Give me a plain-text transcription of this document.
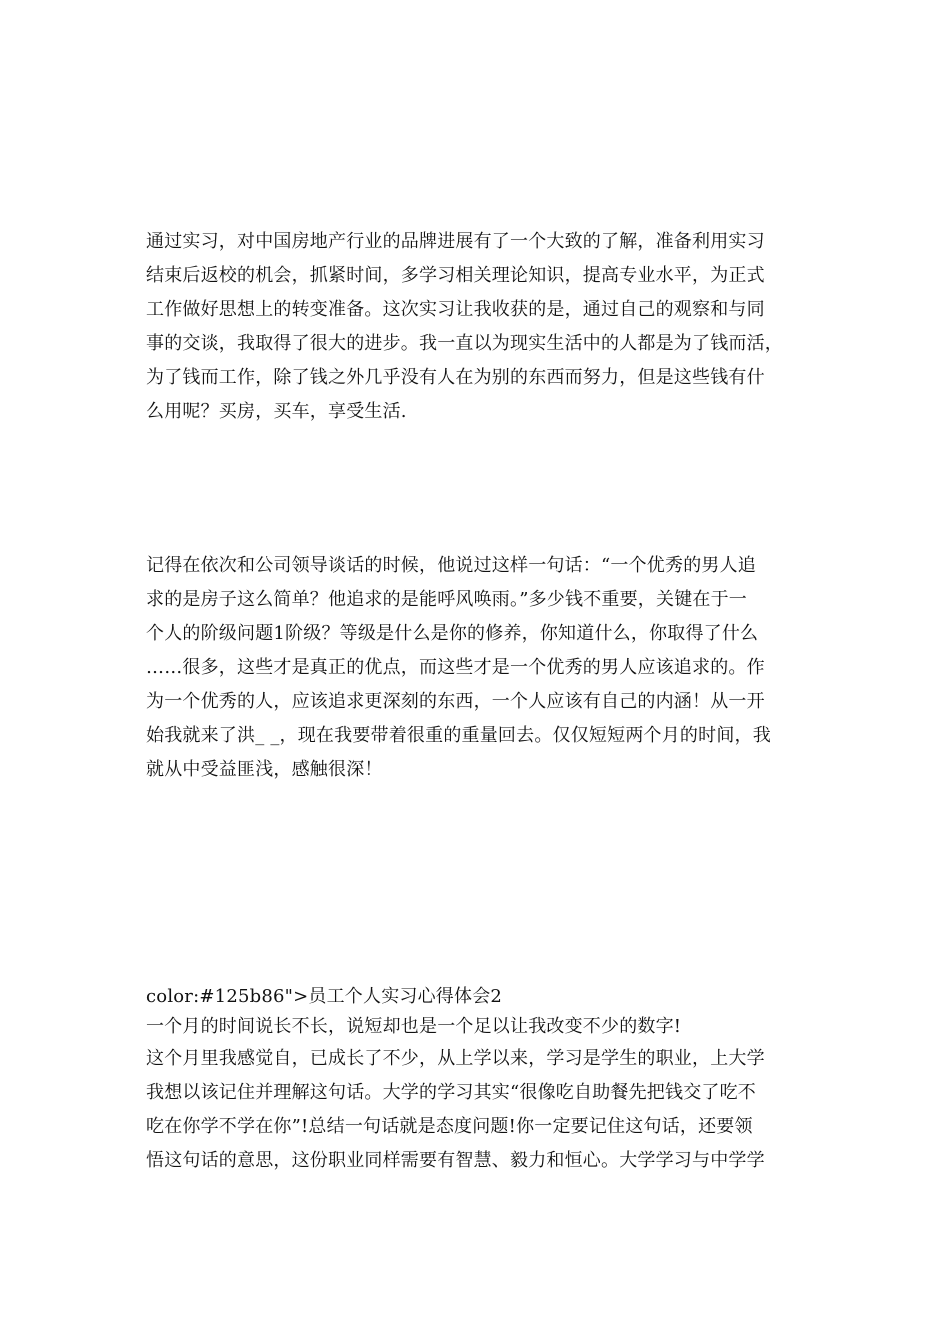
通过实习，对中国房地产行业的品牌进展有了一个大致的了解，准备利用实习
结束后返校的机会，抓紧时间，多学习相关理论知识，提高专业水平，为正式
工作做好思想上的转变准备。这次实习让我收获的是，通过自己的观察和与同
事的交谈，我取得了很大的进步。我一直以为现实生活中的人都是为了钱而活，
为了钱而工作，除了钱之外几乎没有人在为别的东西而努力，但是这些钱有什
么用呢？买房，买车，享受生活.
记得在依次和公司领导谈话的时候，他说过这样一句话：“一个优秀的男人追
求的是房子这么简单？他追求的是能呼风唤雨。”多少钱不重要，关键在于一
个人的阶级问题1阶级？等级是什么是你的修养，你知道什么，你取得了什么
……很多，这些才是真正的优点，而这些才是一个优秀的男人应该追求的。作
为一个优秀的人，应该追求更深刻的东西，一个人应该有自己的内涵！从一开
始我就来了洪_ _，现在我要带着很重的重量回去。仅仅短短两个月的时间，我
就从中受益匪浅，感触很深！
color:#125b86">员工个人实习心得体会2
一个月的时间说长不长，说短却也是一个足以让我改变不少的数字!
这个月里我感觉自，已成长了不少，从上学以来，学习是学生的职业，上大学
我想以该记住并理解这句话。大学的学习其实“很像吃自助餐先把钱交了吃不
吃在你学不学在你”!总结一句话就是态度问题!你一定要记住这句话，还要领
悟这句话的意思，这份职业同样需要有智慧、毅力和恒心。大学学习与中学学
